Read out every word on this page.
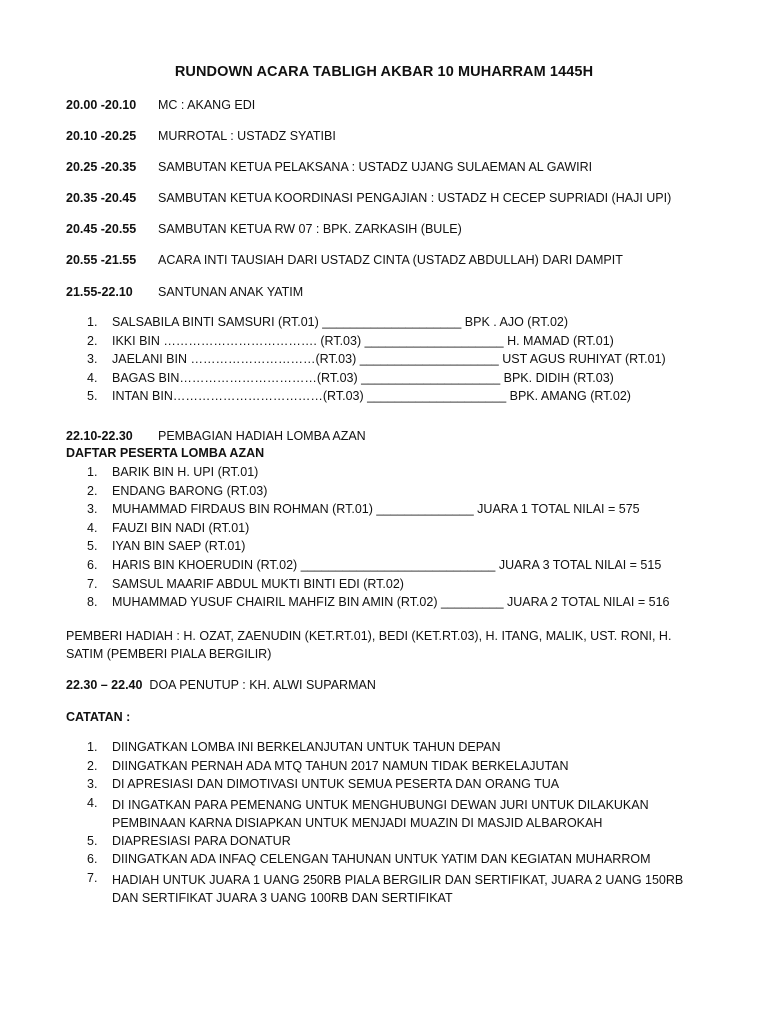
RUNDOWN ACARA TABLIGH AKBAR 10 MUHARRAM 1445H
20.00 -20.10 MC : AKANG EDI
20.10 -20.25 MURROTAL : USTADZ SYATIBI
20.25 -20.35 SAMBUTAN KETUA PELAKSANA : USTADZ UJANG SULAEMAN AL GAWIRI
20.35 -20.45 SAMBUTAN KETUA KOORDINASI PENGAJIAN : USTADZ H CECEP SUPRIADI (HAJI UPI)
20.45 -20.55 SAMBUTAN KETUA RW 07 : BPK. ZARKASIH (BULE)
20.55 -21.55 ACARA INTI TAUSIAH DARI USTADZ CINTA (USTADZ ABDULLAH) DARI DAMPIT
21.55-22.10 SANTUNAN ANAK YATIM
1.	SALSABILA BINTI SAMSURI (RT.01) ____________________ BPK . AJO (RT.02)
2.	IKKI BIN ………………………………. (RT.03) ____________________ H. MAMAD (RT.01)
3.	JAELANI BIN …………………………(RT.03) ____________________ UST AGUS RUHIYAT (RT.01)
4.	BAGAS BIN……………………………(RT.03) ____________________ BPK. DIDIH (RT.03)
5.	INTAN BIN………………………………(RT.03) ____________________ BPK. AMANG (RT.02)
22.10-22.30 PEMBAGIAN HADIAH LOMBA AZAN
DAFTAR PESERTA LOMBA AZAN
1.	BARIK BIN H. UPI (RT.01)
2.	ENDANG BARONG (RT.03)
3.	MUHAMMAD FIRDAUS BIN ROHMAN (RT.01) ______________ JUARA 1 TOTAL NILAI = 575
4.	FAUZI BIN NADI (RT.01)
5.	IYAN BIN SAEP (RT.01)
6.	HARIS BIN KHOERUDIN (RT.02) ____________________________ JUARA 3 TOTAL NILAI = 515
7.	SAMSUL MAARIF ABDUL MUKTI BINTI EDI (RT.02)
8.	MUHAMMAD YUSUF CHAIRIL MAHFIZ BIN AMIN (RT.02) _________ JUARA 2 TOTAL NILAI = 516
PEMBERI HADIAH : H. OZAT, ZAENUDIN (KET.RT.01), BEDI (KET.RT.03), H. ITANG, MALIK, UST. RONI, H. SATIM (PEMBERI PIALA BERGILIR)
22.30 – 22.40 DOA PENUTUP : KH. ALWI SUPARMAN
CATATAN :
1.	DIINGATKAN LOMBA INI BERKELANJUTAN UNTUK TAHUN DEPAN
2.	DIINGATKAN PERNAH ADA MTQ TAHUN 2017 NAMUN TIDAK BERKELAJUTAN
3.	DI APRESIASI DAN DIMOTIVASI UNTUK SEMUA PESERTA DAN ORANG TUA
4.	DI INGATKAN PARA PEMENANG UNTUK MENGHUBUNGI DEWAN JURI UNTUK DILAKUKAN PEMBINAAN KARNA DISIAPKAN UNTUK MENJADI MUAZIN DI MASJID ALBAROKAH
5.	DIAPRESIASI PARA DONATUR
6.	DIINGATKAN ADA INFAQ CELENGAN TAHUNAN UNTUK YATIM DAN KEGIATAN MUHARROM
7.	HADIAH UNTUK JUARA 1 UANG 250RB PIALA BERGILIR DAN SERTIFIKAT, JUARA 2 UANG 150RB DAN SERTIFIKAT JUARA 3 UANG 100RB DAN SERTIFIKAT
